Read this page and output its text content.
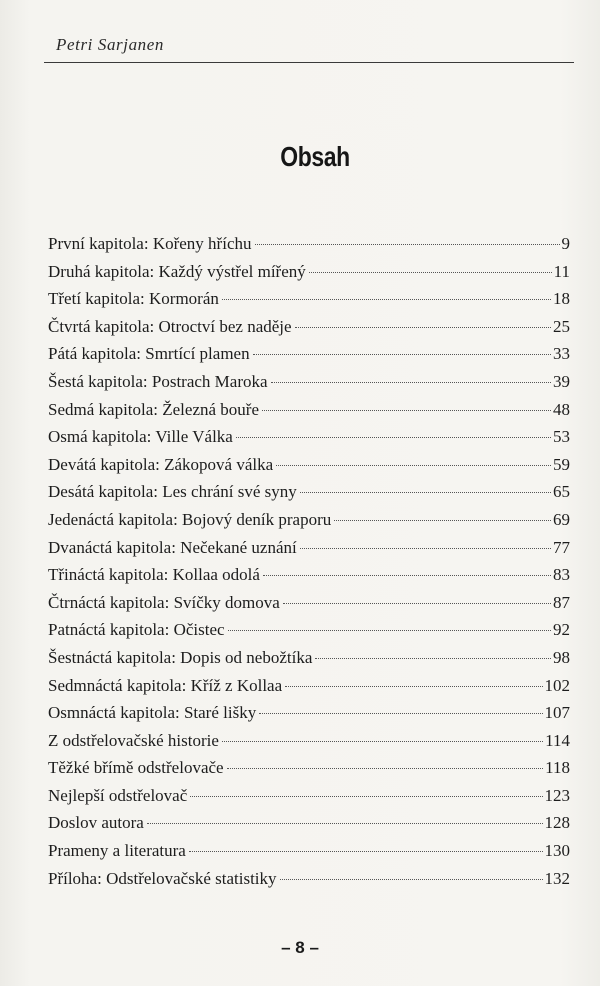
Petri Sarjanen
Obsah
První kapitola: Kořeny hříchu	9
Druhá kapitola: Každý výstřel mířený	11
Třetí kapitola: Kormorán	18
Čtvrtá kapitola: Otroctví bez naděje	25
Pátá kapitola: Smrtící plamen	33
Šestá kapitola: Postrach Maroka	39
Sedmá kapitola: Železná bouře	48
Osmá kapitola: Ville Válka	53
Devátá kapitola: Zákopová válka	59
Desátá kapitola: Les chrání své syny	65
Jedenáctá kapitola: Bojový deník praporu	69
Dvanáctá kapitola: Nečekané uznání	77
Třináctá kapitola: Kollaa odolá	83
Čtrnáctá kapitola: Svíčky domova	87
Patnáctá kapitola: Očistec	92
Šestnáctá kapitola: Dopis od nebožtíka	98
Sedmnáctá kapitola: Kříž z Kollaa	102
Osmnáctá kapitola: Staré lišky	107
Z odstřelovačské historie	114
Těžké břímě odstřelovače	118
Nejlepší odstřelovač	123
Doslov autora	128
Prameny a literatura	130
Příloha: Odstřelovačské statistiky	132
– 8 –
